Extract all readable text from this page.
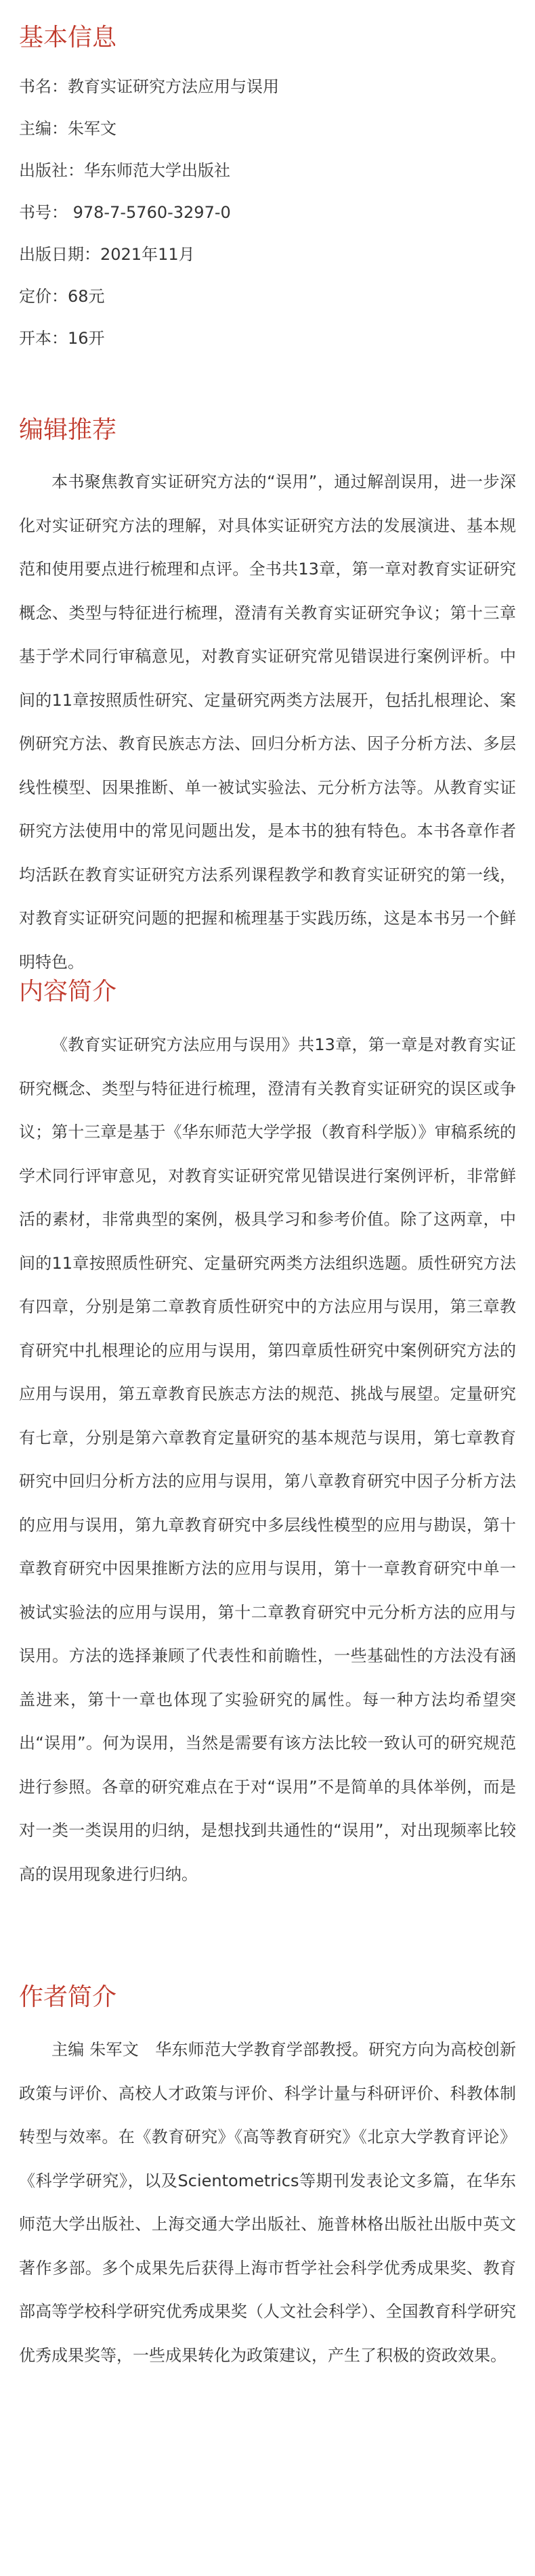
基本信息
书名：教育实证研究方法应用与误用
主编：朱军文
出版社：华东师范大学出版社
书号： 978-7-5760-3297-0
出版日期：2021年11月
定价：68元
开本：16开
编辑推荐

本书聚焦教育实证研究方法的“误用”，通过解剖误用，进一步深化对实证研究方法的理解，对具体实证研究方法的发展演进、基本规范和使用要点进行梳理和点评。全书共13章，第一章对教育实证研究概念、类型与特征进行梳理，澄清有关教育实证研究争议；第十三章基于学术同行审稿意见，对教育实证研究常见错误进行案例评析。中间的11章按照质性研究、定量研究两类方法展开，包括扎根理论、案例研究方法、教育民族志方法、回归分析方法、因子分析方法、多层线性模型、因果推断、单一被试实验法、元分析方法等。从教育实证研究方法使用中的常见问题出发，是本书的独有特色。本书各章作者均活跃在教育实证研究方法系列课程教学和教育实证研究的第一线，对教育实证研究问题的把握和梳理基于实践历练，这是本书另一个鲜明特色。

内容简介

《教育实证研究方法应用与误用》共13章，第一章是对教育实证研究概念、类型与特征进行梳理，澄清有关教育实证研究的误区或争议；第十三章是基于《华东师范大学学报（教育科学版）》审稿系统的学术同行评审意见，对教育实证研究常见错误进行案例评析，非常鲜活的素材，非常典型的案例，极具学习和参考价值。除了这两章，中间的11章按照质性研究、定量研究两类方法组织选题。质性研究方法有四章，分别是第二章教育质性研究中的方法应用与误用，第三章教育研究中扎根理论的应用与误用，第四章质性研究中案例研究方法的应用与误用，第五章教育民族志方法的规范、挑战与展望。定量研究有七章，分别是第六章教育定量研究的基本规范与误用，第七章教育研究中回归分析方法的应用与误用，第八章教育研究中因子分析方法的应用与误用，第九章教育研究中多层线性模型的应用与勘误，第十章教育研究中因果推断方法的应用与误用，第十一章教育研究中单一被试实验法的应用与误用，第十二章教育研究中元分析方法的应用与误用。方法的选择兼顾了代表性和前瞻性，一些基础性的方法没有涵盖进来，第十一章也体现了实验研究的属性。每一种方法均希望突出“误用”。何为误用，当然是需要有该方法比较一致认可的研究规范进行参照。各章的研究难点在于对“误用”不是简单的具体举例，而是对一类一类误用的归纳，是想找到共通性的“误用”，对出现频率比较高的误用现象进行归纳。

作者简介

主编 朱军文　华东师范大学教育学部教授。研究方向为高校创新政策与评价、高校人才政策与评价、科学计量与科研评价、科教体制转型与效率。在《教育研究》《高等教育研究》《北京大学教育评论》《科学学研究》，以及Scientometrics等期刊发表论文多篇，在华东师范大学出版社、上海交通大学出版社、施普林格出版社出版中英文著作多部。多个成果先后获得上海市哲学社会科学优秀成果奖、教育部高等学校科学研究优秀成果奖（人文社会科学）、全国教育科学研究优秀成果奖等，一些成果转化为政策建议，产生了积极的资政效果。
